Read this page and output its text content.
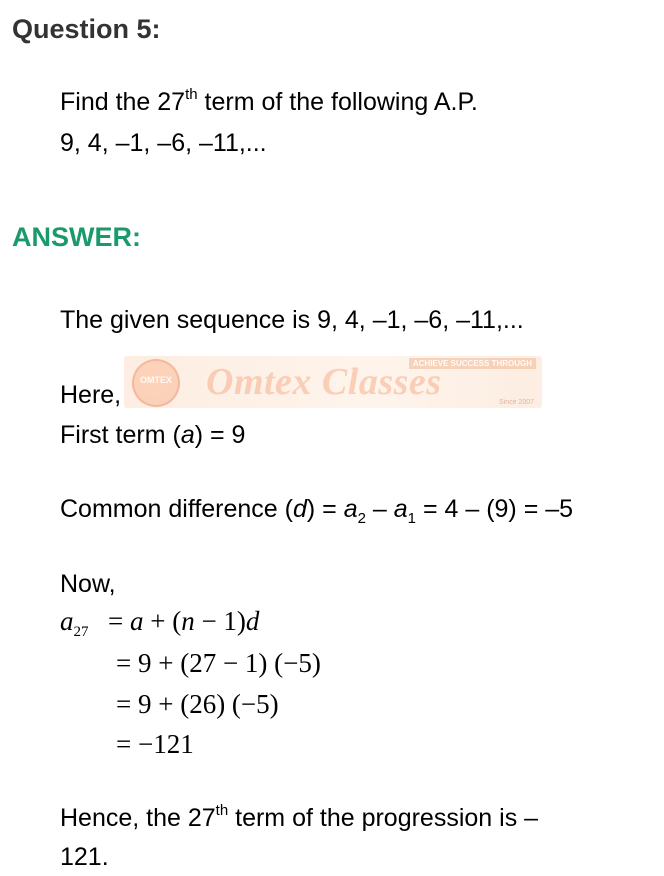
Question 5:
Find the 27th term of the following A.P.
9, 4, –1, –6, –11,...
ANSWER:
The given sequence is 9, 4, –1, –6, –11,...
OMTEX Omtex Classes
ACHIEVE SUCCESS THROUGH
Since 2007
Here,
First term (a) = 9
Common difference $(d) = a_2 - a_1 = 4 - (9) = -5$
Now,
$a_{27} = a + (n - 1)d$
= 9 + (27 − 1) (−5)
= 9 + (26) (−5)
= −121
Hence, the 27th term of the progression is –
121.
